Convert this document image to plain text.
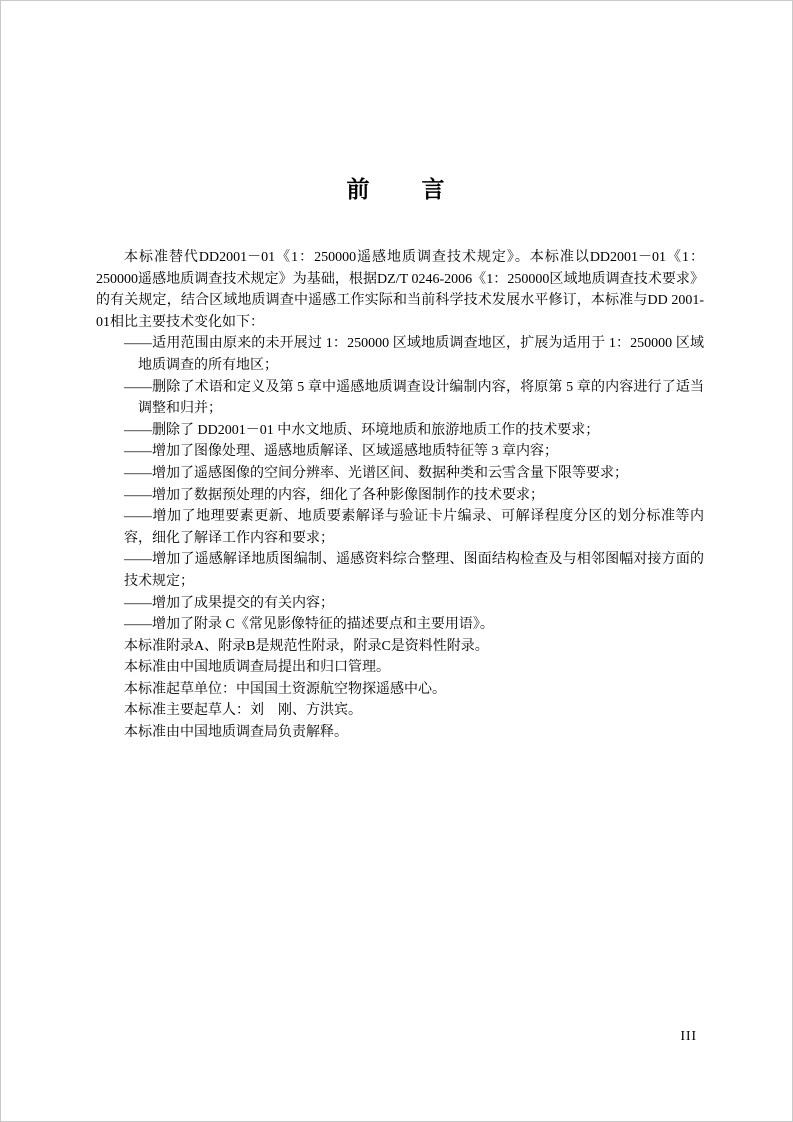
前　　言

本标准替代DD2001－01《1：250000遥感地质调查技术规定》。本标准以DD2001－01《1：250000遥感地质调查技术规定》为基础，根据DZ/T 0246-2006《1：250000区域地质调查技术要求》的有关规定，结合区域地质调查中遥感工作实际和当前科学技术发展水平修订，本标准与DD 2001-01相比主要技术变化如下：

——适用范围由原来的未开展过 1：250000 区域地质调查地区，扩展为适用于 1：250000 区域地质调查的所有地区；
——删除了术语和定义及第 5 章中遥感地质调查设计编制内容，将原第 5 章的内容进行了适当调整和归并；
——删除了 DD2001－01 中水文地质、环境地质和旅游地质工作的技术要求；
——增加了图像处理、遥感地质解译、区域遥感地质特征等 3 章内容；
——增加了遥感图像的空间分辨率、光谱区间、数据种类和云雪含量下限等要求；
——增加了数据预处理的内容，细化了各种影像图制作的技术要求；
——增加了地理要素更新、地质要素解译与验证卡片编录、可解译程度分区的划分标准等内容，细化了解译工作内容和要求；
——增加了遥感解译地质图编制、遥感资料综合整理、图面结构检查及与相邻图幅对接方面的技术规定；
——增加了成果提交的有关内容；
——增加了附录 C《常见影像特征的描述要点和主要用语》。

本标准附录A、附录B是规范性附录，附录C是资料性附录。

本标准由中国地质调查局提出和归口管理。

本标准起草单位：中国国土资源航空物探遥感中心。

本标准主要起草人：刘　刚、方洪宾。

本标准由中国地质调查局负责解释。

III
